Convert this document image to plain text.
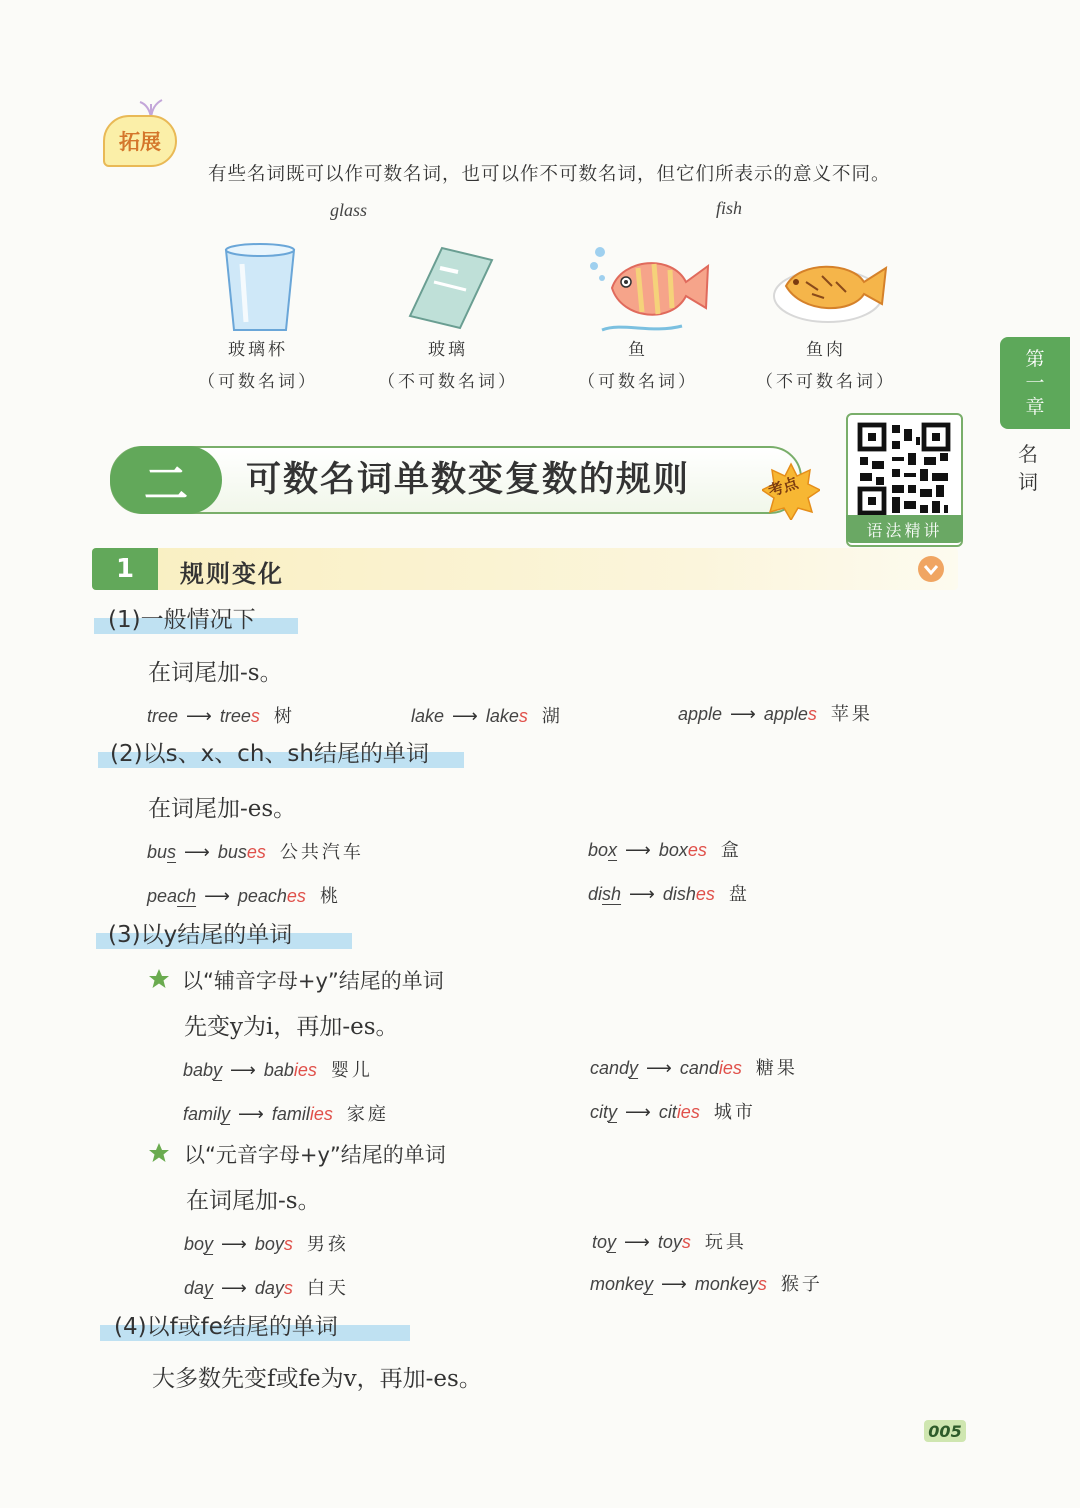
拓展
有些名词既可以作可数名词，也可以作不可数名词，但它们所表示的意义不同。
glass	fish
玻璃杯
（可数名词）
玻璃
（不可数名词）
鱼
（可数名词）
鱼肉
（不可数名词）
第
一
章
名
词
二	可数名词单数变复数的规则	考点
语法精讲
1	规则变化
(1)一般情况下
在词尾加-s。
tree ⟶ trees 树	lake ⟶ lakes 湖	apple ⟶ apples 苹果
(2)以s、x、ch、sh结尾的单词
在词尾加-es。
bus ⟶ buses 公共汽车	box ⟶ boxes 盒
peach ⟶ peaches 桃	dish ⟶ dishes 盘
(3)以y结尾的单词
以“辅音字母+y”结尾的单词
先变y为i，再加-es。
baby ⟶ babies 婴儿	candy ⟶ candies 糖果
family ⟶ families 家庭	city ⟶ cities 城市
以“元音字母+y”结尾的单词
在词尾加-s。
boy ⟶ boys 男孩	toy ⟶ toys 玩具
day ⟶ days 白天	monkey ⟶ monkeys 猴子
(4)以f或fe结尾的单词
大多数先变f或fe为v，再加-es。
005
